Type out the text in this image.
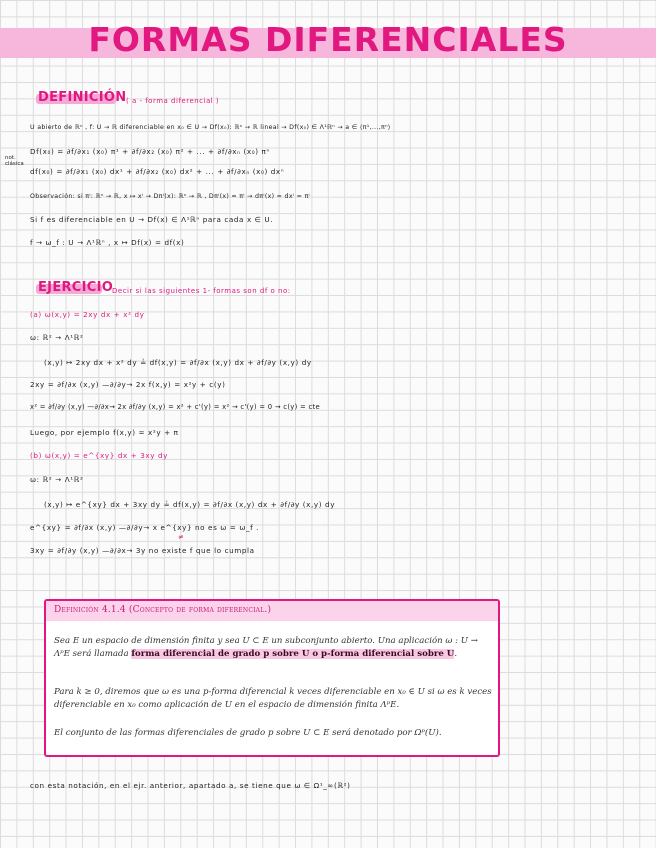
FORMAS DIFERENCIALES
DEFINICIÓN ( a - forma diferencial )
U abierto de ℝⁿ , f: U → ℝ diferenciable en x₀ ∈ U → Df(x₀): ℝⁿ → ℝ lineal → Df(x₀) ∈ Λ¹ℝⁿ → a ∈ ⟨π¹,...,πⁿ⟩
not. clásica
Df(x₀) = ∂f/∂x₁ (x₀) π¹ + ∂f/∂x₂ (x₀) π² + ... + ∂f/∂xₙ (x₀) πⁿ
df(x₀) = ∂f/∂x₁ (x₀) dx¹ + ∂f/∂x₂ (x₀) dx² + ... + ∂f/∂xₙ (x₀) dxⁿ
Observación: si πⁱ: ℝⁿ → ℝ, x ↦ xⁱ → Dπⁱ(x): ℝⁿ → ℝ , Dπⁱ(x) = πⁱ → dπⁱ(x) = dxⁱ = πⁱ
Si f es diferenciable en U → Df(x) ∈ Λ¹ℝⁿ para cada x ∈ U.
f → ω_f : U → Λ¹ℝⁿ , x ↦ Df(x) = df(x)
EJERCICIO
Decir si las siguientes 1- formas son df o no:
(a) ω(x,y) = 2xy dx + x² dy
ω: ℝ² → Λ¹ℝ²
(x,y) ↦ 2xy dx + x² dy ≟ df(x,y) = ∂f/∂x (x,y) dx + ∂f/∂y (x,y) dy
2xy = ∂f/∂x (x,y) —∂/∂y→ 2x f(x,y) = x²y + c(y)
x² = ∂f/∂y (x,y) —∂/∂x→ 2x ∂f/∂y (x,y) = x² + c'(y) = x² → c'(y) = 0 → c(y) = cte
Luego, por ejemplo f(x,y) = x²y + π
(b) ω(x,y) = e^{xy} dx + 3xy dy
ω: ℝ² → Λ¹ℝ²
(x,y) ↦ e^{xy} dx + 3xy dy ≟ df(x,y) = ∂f/∂x (x,y) dx + ∂f/∂y (x,y) dy
e^{xy} = ∂f/∂x (x,y) —∂/∂y→ x e^{xy} no es ω = ω_f .
≠
3xy = ∂f/∂y (x,y) —∂/∂x→ 3y no existe f que lo cumpla
Definición 4.1.4 (Concepto de forma diferencial.)
Sea E un espacio de dimensión finita y sea U ⊂ E un subconjunto abierto. Una aplicación ω : U → ΛᵖE será llamada forma diferencial de grado p sobre U o p-forma diferencial sobre U.
Para k ≥ 0, diremos que ω es una p-forma diferencial k veces diferenciable en x₀ ∈ U si ω es k veces diferenciable en x₀ como aplicación de U en el espacio de dimensión finita ΛᵖE.
El conjunto de las formas diferenciales de grado p sobre U ⊂ E será denotado por Ωᵖ(U).
con esta notación, en el ejr. anterior, apartado a, se tiene que ω ∈ Ω¹_∞(ℝ²)
